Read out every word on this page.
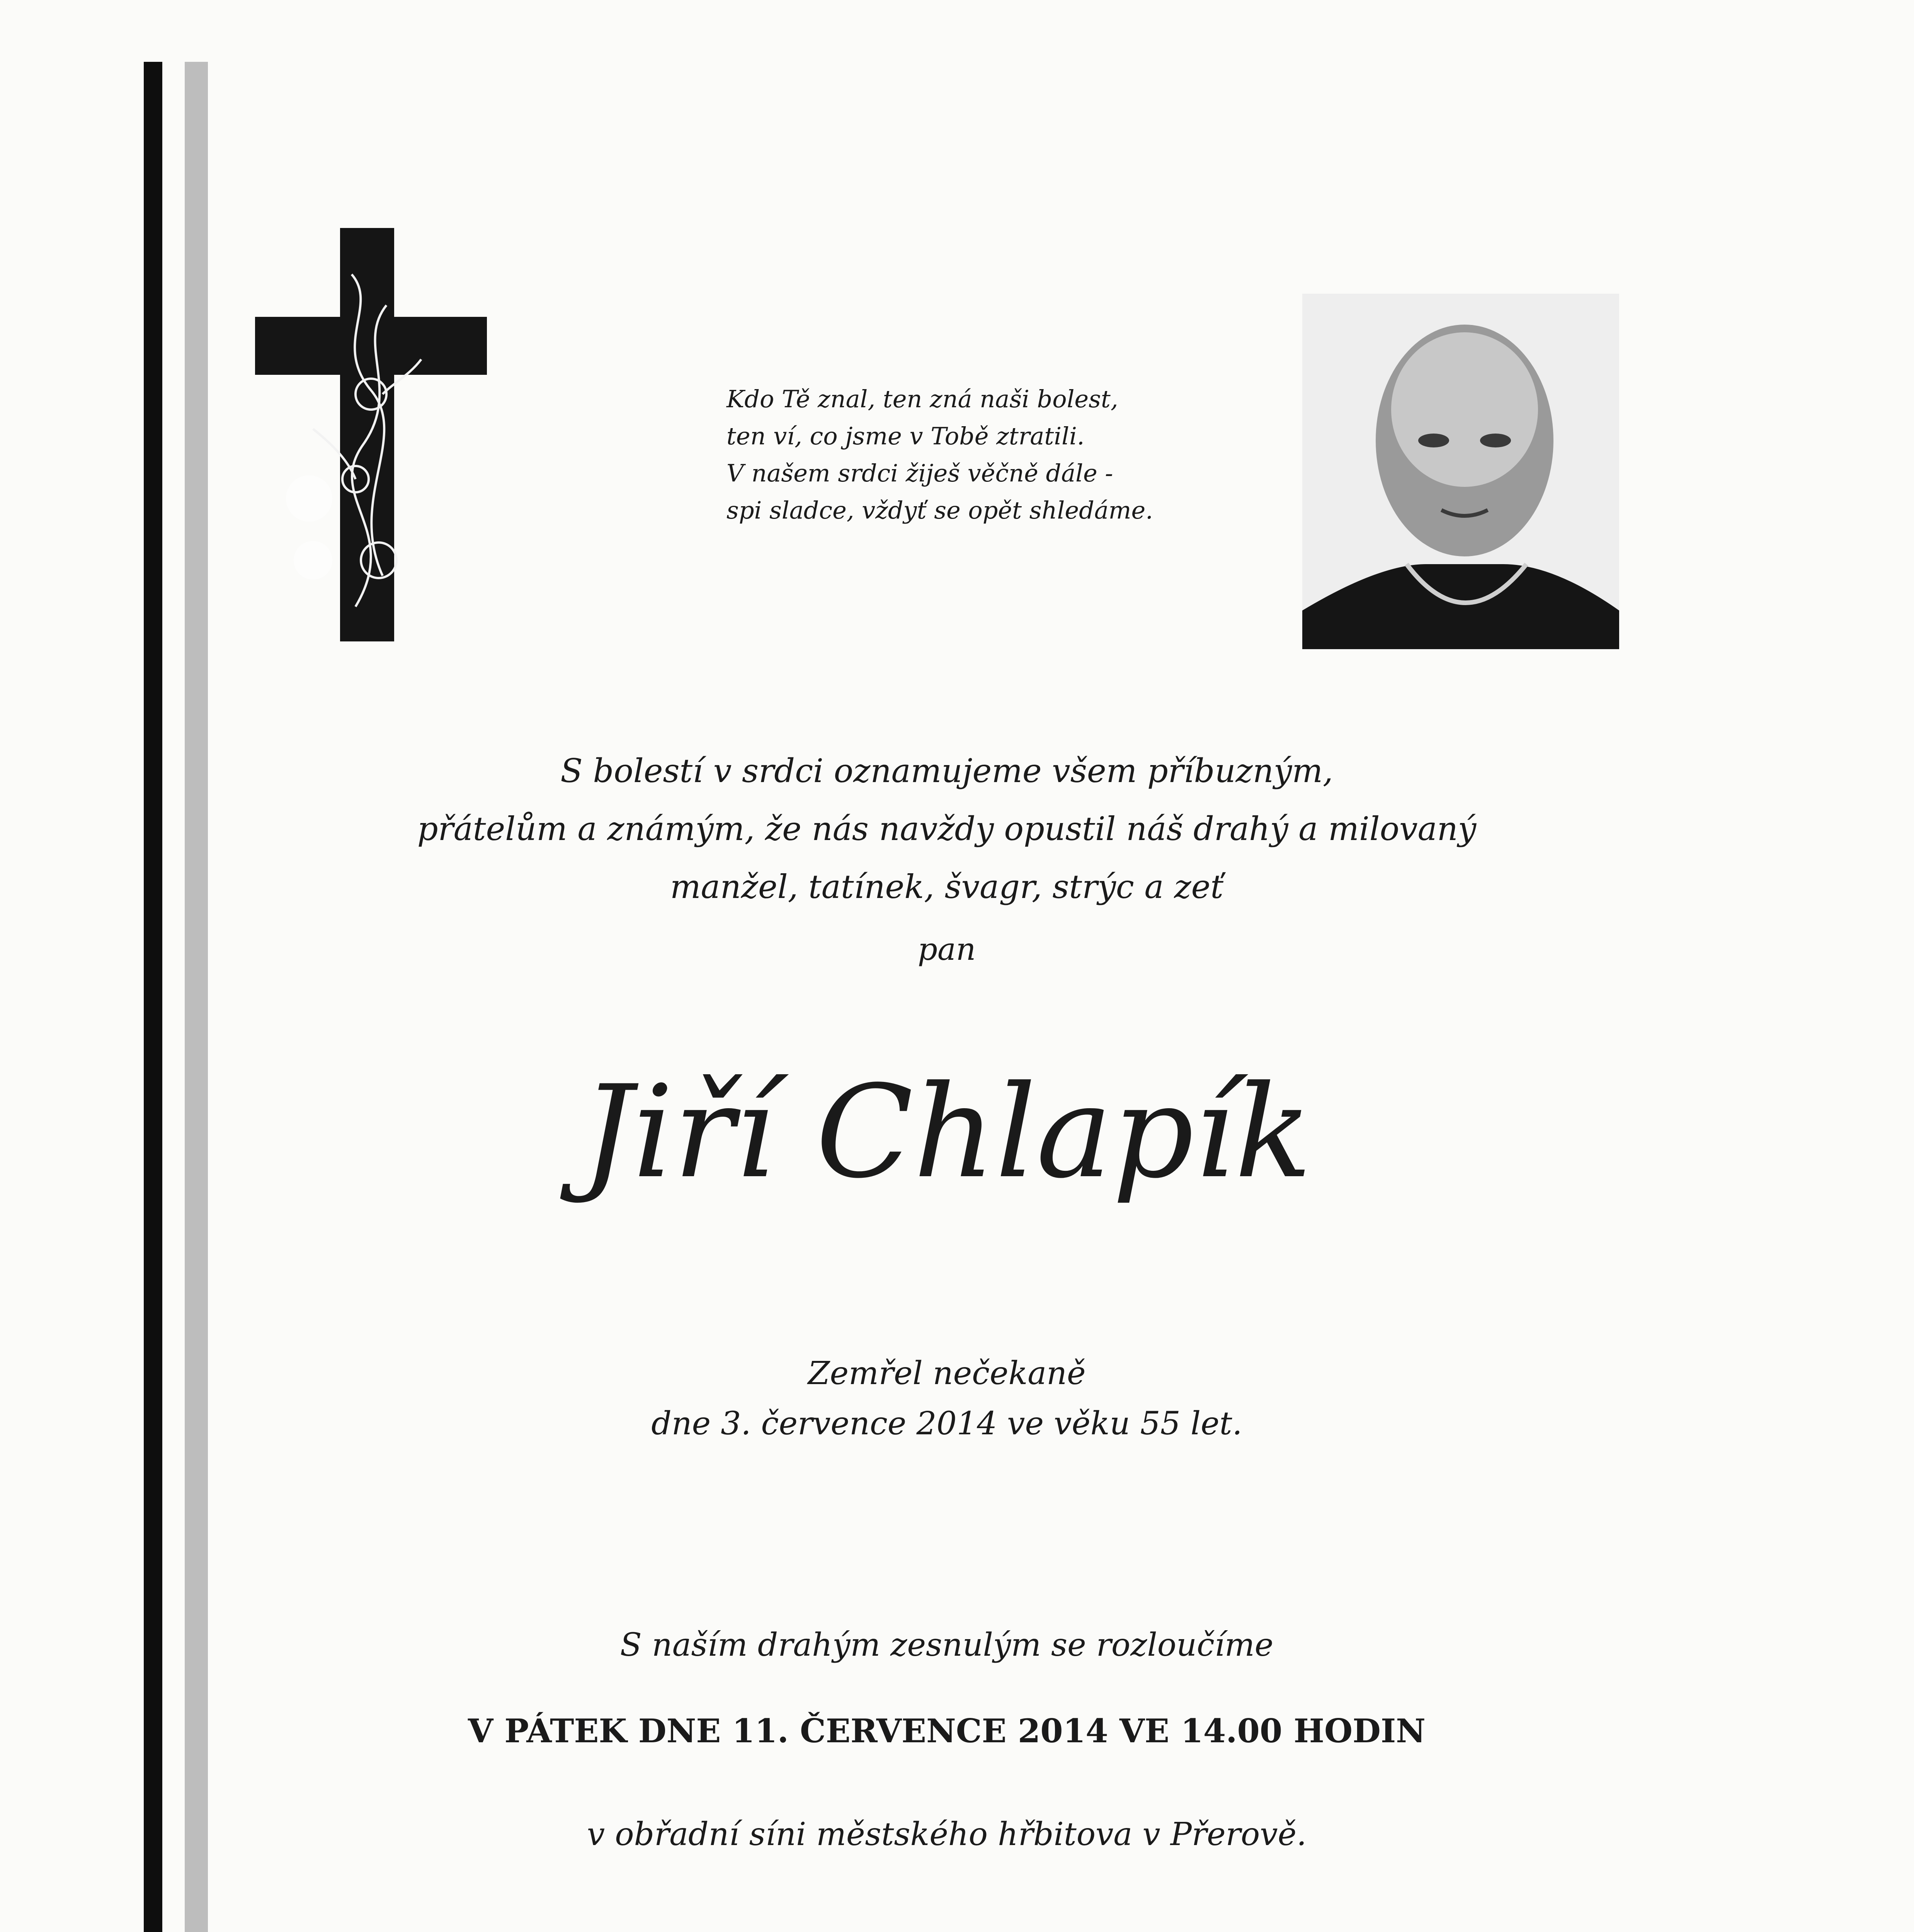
Kdo Tě znal, ten zná naši bolest,
ten ví, co jsme v Tobě ztratili.
V našem srdci žiješ věčně dále -
spi sladce, vždyť se opět shledáme.
S bolestí v srdci oznamujeme všem příbuzným,
přátelům a známým, že nás navždy opustil náš drahý a milovaný
manžel, tatínek, švagr, strýc a zeť
pan
Jiří Chlapík
Zemřel nečekaně
dne 3. července 2014 ve věku 55 let.
S naším drahým zesnulým se rozloučíme
V PÁTEK DNE 11. ČERVENCE 2014 VE 14.00 HODIN
v obřadní síni městského hřbitova v Přerově.
